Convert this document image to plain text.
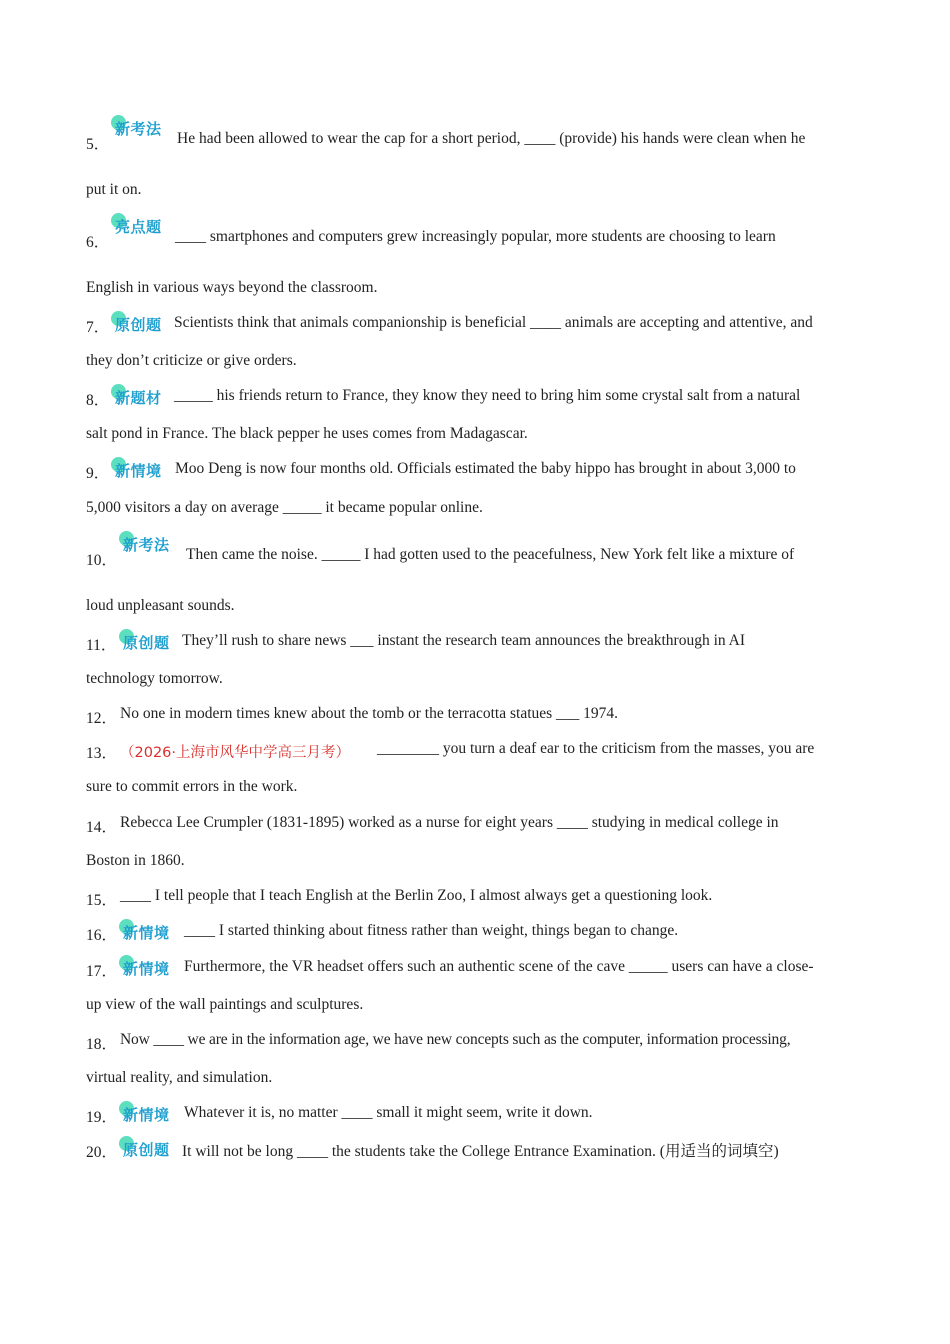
5．
新考法
He had been allowed to wear the cap for a short period, ____ (provide) his hands were clean when he
put it on.
6．
亮点题
____ smartphones and computers grew increasingly popular, more students are choosing to learn
English in various ways beyond the classroom.
7． 原创题 Scientists think that animals companionship is beneficial ____ animals are accepting and attentive, and
they don’t criticize or give orders.
8． 新题材 _____ his friends return to France, they know they need to bring him some crystal salt from a natural
salt pond in France. The black pepper he uses comes from Madagascar.
9． 新情境 Moo Deng is now four months old. Officials estimated the baby hippo has brought in about 3,000 to
5,000 visitors a day on average _____ it became popular online.
10．
新考法
Then came the noise. _____ I had gotten used to the peacefulness, New York felt like a mixture of
loud unpleasant sounds.
11． 原创题 They’ll rush to share news ___ instant the research team announces the breakthrough in AI
technology tomorrow.
12． No one in modern times knew about the tomb or the terracotta statues ___ 1974.
13． （2026·上海市风华中学高三月考） ________ you turn a deaf ear to the criticism from the masses, you are
sure to commit errors in the work.
14． Rebecca Lee Crumpler (1831-1895) worked as a nurse for eight years ____ studying in medical college in
Boston in 1860.
15． ____ I tell people that I teach English at the Berlin Zoo, I almost always get a questioning look.
16． 新情境 ____ I started thinking about fitness rather than weight, things began to change.
17． 新情境 Furthermore, the VR headset offers such an authentic scene of the cave _____ users can have a close-
up view of the wall paintings and sculptures.
18． Now ____ we are in the information age, we have new concepts such as the computer, information processing,
virtual reality, and simulation.
19． 新情境 Whatever it is, no matter ____ small it might seem, write it down.
20． 原创题 It will not be long ____ the students take the College Entrance Examination. (用适当的词填空)
